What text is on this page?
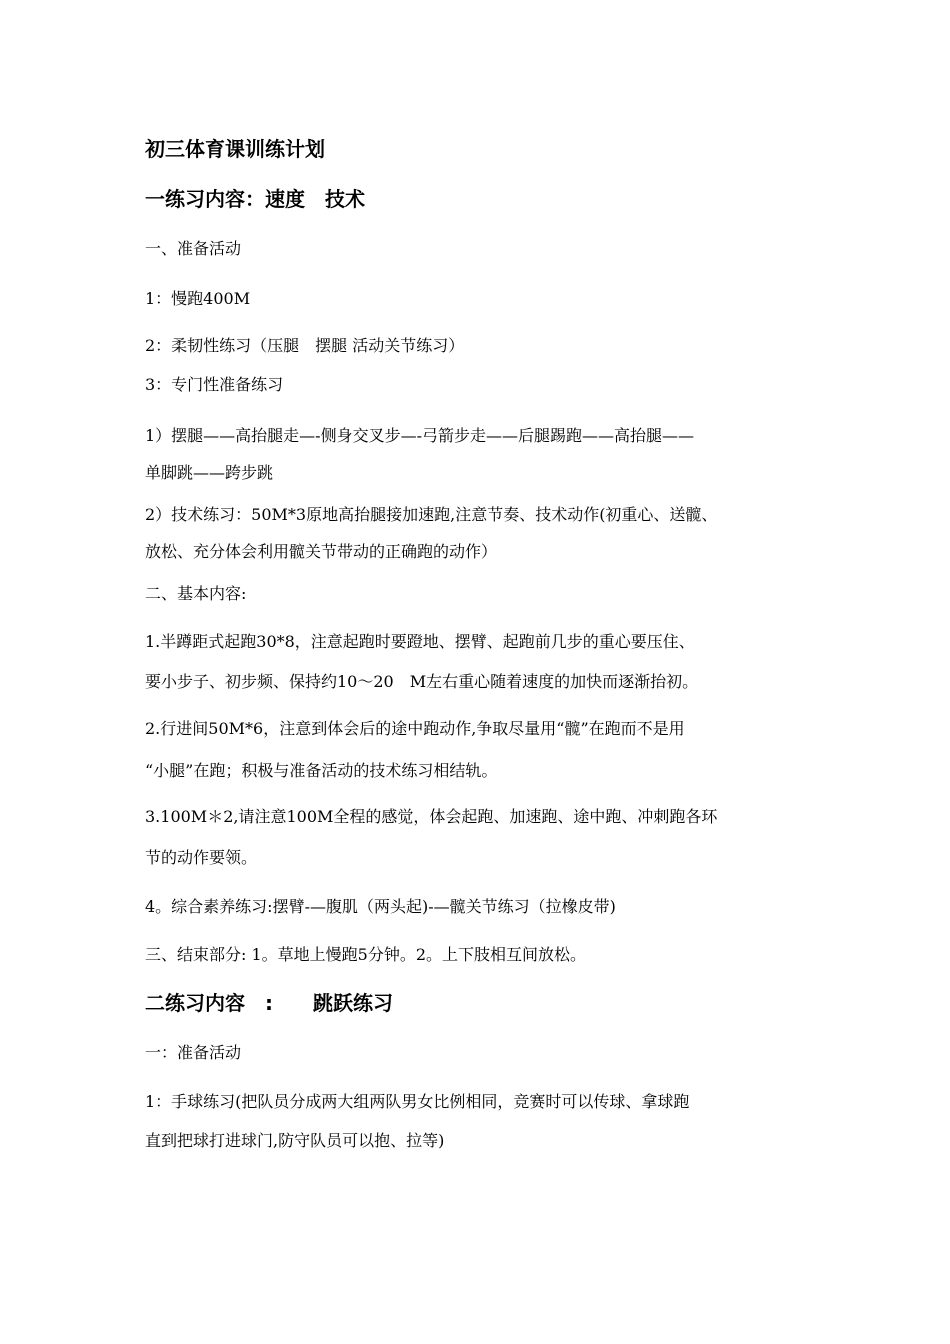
初三体育课训练计划
一练习内容：速度　技术
一、准备活动
1：慢跑400M
2：柔韧性练习（压腿　摆腿 活动关节练习）
3：专门性准备练习
1）摆腿——高抬腿走—-侧身交叉步—-弓箭步走——后腿踢跑——高抬腿——
单脚跳——跨步跳
2）技术练习：50M*3原地高抬腿接加速跑,注意节奏、技术动作(初重心、送髋、
放松、充分体会利用髋关节带动的正确跑的动作）
二、基本内容:
1.半蹲距式起跑30*8，注意起跑时要蹬地、摆臂、起跑前几步的重心要压住、
要小步子、初步频、保持约10～20　M左右重心随着速度的加快而逐渐抬初。
2.行进间50M*6，注意到体会后的途中跑动作,争取尽量用“髋”在跑而不是用
“小腿”在跑；积极与准备活动的技术练习相结轨。
3.100M＊2,请注意100M全程的感觉，体会起跑、加速跑、途中跑、冲刺跑各环
节的动作要领。
4。综合素养练习:摆臂-—腹肌（两头起)-—髋关节练习（拉橡皮带)
三、结束部分: 1。草地上慢跑5分钟。2。上下肢相互间放松。
二练习内容　:　　跳跃练习
一：准备活动
1：手球练习(把队员分成两大组两队男女比例相同，竞赛时可以传球、拿球跑
直到把球打进球门,防守队员可以抱、拉等)
